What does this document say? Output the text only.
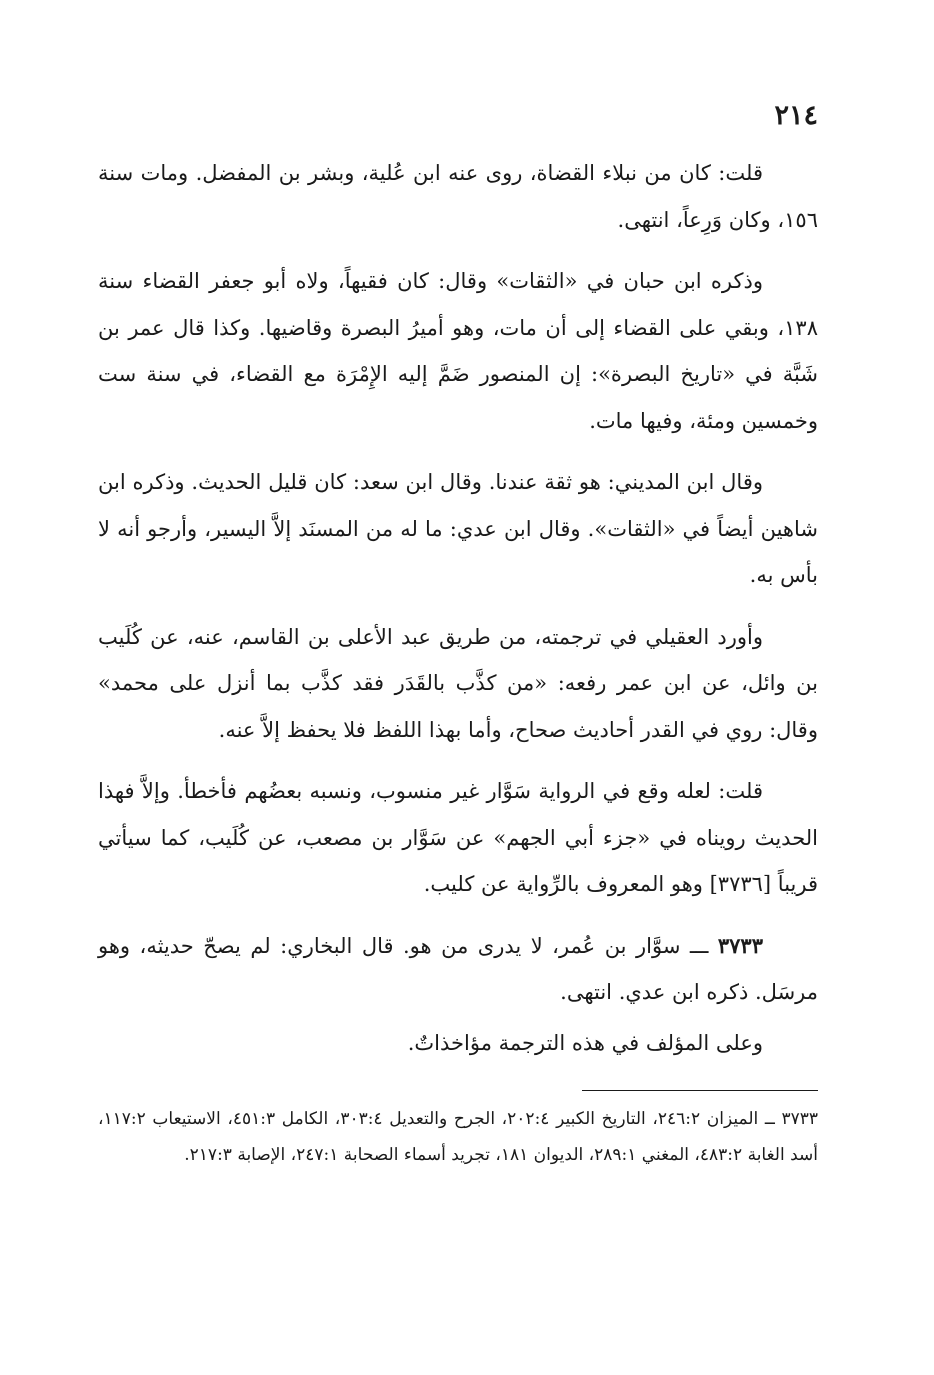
٢١٤

قلت: كان من نبلاء القضاة، روى عنه ابن عُلية، وبشر بن المفضل. ومات سنة ١٥٦، وكان وَرِعاً، انتهى.

وذكره ابن حبان في «الثقات» وقال: كان فقيهاً، ولاه أبو جعفر القضاء سنة ١٣٨، وبقي على القضاء إلى أن مات، وهو أميرُ البصرة وقاضيها. وكذا قال عمر بن شَبَّة في «تاريخ البصرة»: إن المنصور ضَمَّ إليه الإِمْرَة مع القضاء، في سنة ست وخمسين ومئة، وفيها مات.

وقال ابن المديني: هو ثقة عندنا. وقال ابن سعد: كان قليل الحديث. وذكره ابن شاهين أيضاً في «الثقات». وقال ابن عدي: ما له من المسنَد إلاَّ اليسير، وأرجو أنه لا بأس به.

وأورد العقيلي في ترجمته، من طريق عبد الأعلى بن القاسم، عنه، عن كُلَيب بن وائل، عن ابن عمر رفعه: «من كذَّب بالقَدَر فقد كذَّب بما أنزل على محمد» وقال: روي في القدر أحاديث صحاح، وأما بهذا اللفظ فلا يحفظ إلاَّ عنه.

قلت: لعله وقع في الرواية سَوَّار غير منسوب، ونسبه بعضُهم فأخطأ. وإلاَّ فهذا الحديث رويناه في «جزء أبي الجهم» عن سَوَّار بن مصعب، عن كُلَيب، كما سيأتي قريباً [٣٧٣٦] وهو المعروف بالرِّواية عن كليب.

٣٧٣٣ ـــ سوَّار بن عُمر، لا يدرى من هو. قال البخاري: لم يصحّ حديثه، وهو مرسَل. ذكره ابن عدي. انتهى.

وعلى المؤلف في هذه الترجمة مؤاخذاتٌ.

٣٧٣٣ ــ الميزان ٢٤٦:٢، التاريخ الكبير ٢٠٢:٤، الجرح والتعديل ٣٠٣:٤، الكامل ٤٥١:٣، الاستيعاب ١١٧:٢، أسد الغابة ٤٨٣:٢، المغني ٢٨٩:١، الديوان ١٨١، تجريد أسماء الصحابة ٢٤٧:١، الإصابة ٢١٧:٣.
